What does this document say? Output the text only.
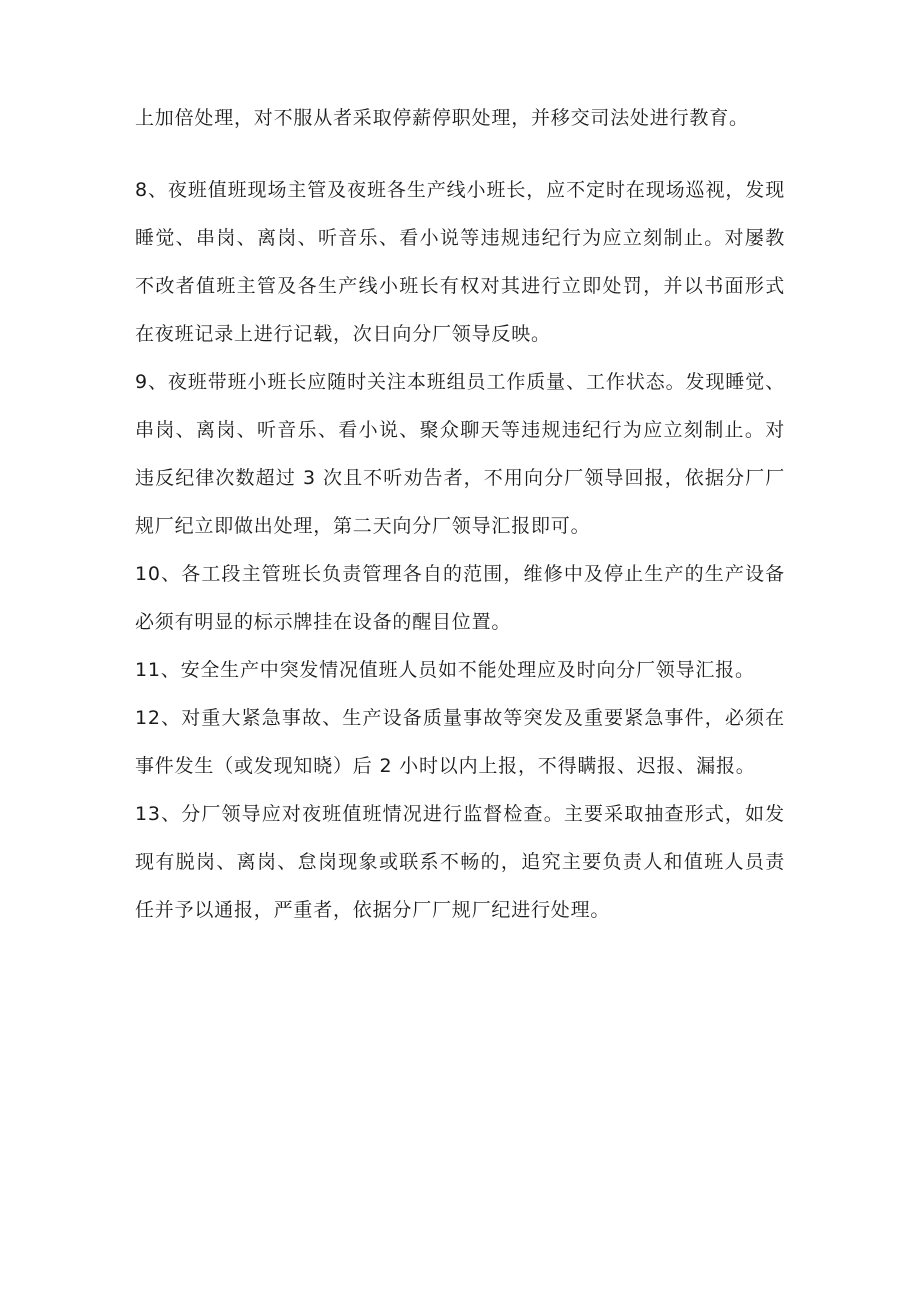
上加倍处理，对不服从者采取停薪停职处理，并移交司法处进行教育。

8、夜班值班现场主管及夜班各生产线小班长，应不定时在现场巡视，发现睡觉、串岗、离岗、听音乐、看小说等违规违纪行为应立刻制止。对屡教不改者值班主管及各生产线小班长有权对其进行立即处罚，并以书面形式在夜班记录上进行记载，次日向分厂领导反映。

9、夜班带班小班长应随时关注本班组员工作质量、工作状态。发现睡觉、串岗、离岗、听音乐、看小说、聚众聊天等违规违纪行为应立刻制止。对违反纪律次数超过 3 次且不听劝告者，不用向分厂领导回报，依据分厂厂规厂纪立即做出处理，第二天向分厂领导汇报即可。

10、各工段主管班长负责管理各自的范围，维修中及停止生产的生产设备必须有明显的标示牌挂在设备的醒目位置。

11、安全生产中突发情况值班人员如不能处理应及时向分厂领导汇报。

12、对重大紧急事故、生产设备质量事故等突发及重要紧急事件，必须在事件发生（或发现知晓）后 2 小时以内上报，不得瞒报、迟报、漏报。

13、分厂领导应对夜班值班情况进行监督检查。主要采取抽查形式，如发现有脱岗、离岗、怠岗现象或联系不畅的，追究主要负责人和值班人员责任并予以通报，严重者，依据分厂厂规厂纪进行处理。
